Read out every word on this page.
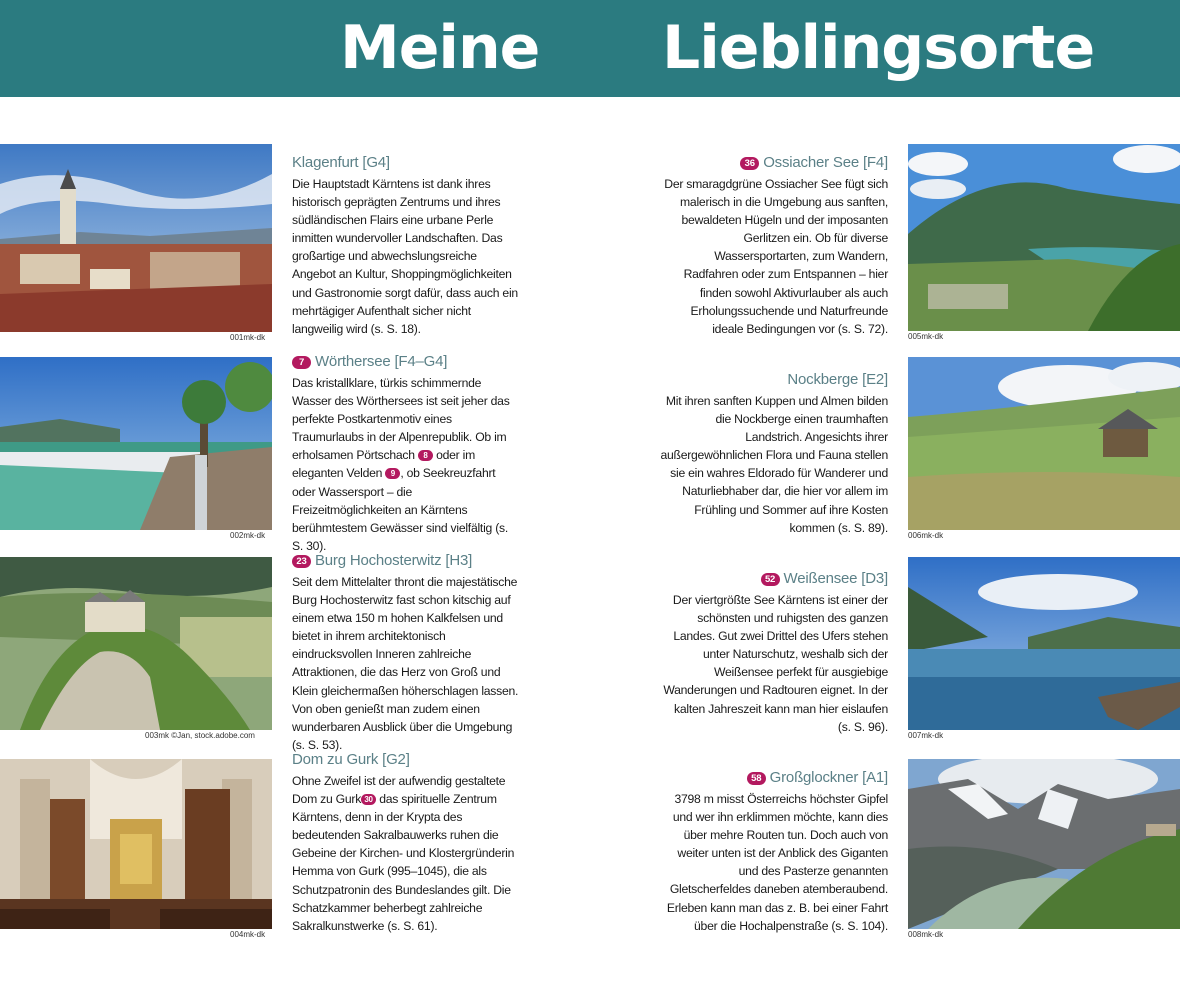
Meine Lieblingsorte
001mk-dk
Klagenfurt [G4]

Die Hauptstadt Kärntens ist dank ihres historisch geprägten Zentrums und ihres südländischen Flairs eine urbane Perle inmitten wundervoller Landschaften. Das großartige und abwechslungsreiche Angebot an Kultur, Shoppingmöglichkeiten und Gastronomie sorgt dafür, dass auch ein mehrtägiger Aufenthalt sicher nicht langweilig wird (s. S. 18).

002mk-dk
7 Wörthersee [F4–G4]

Das kristallklare, türkis schimmernde Wasser des Wörthersees ist seit jeher das perfekte Postkartenmotiv eines Traumurlaubs in der Alpenrepublik. Ob im erholsamen Pörtschach 8 oder im eleganten Velden 9 , ob Seekreuzfahrt oder Wassersport – die Freizeitmöglichkeiten an Kärntens berühmtestem Gewässer sind vielfältig (s. S. 30).

003mk ©Jan, stock.adobe.com
23 Burg Hochosterwitz [H3]

Seit dem Mittelalter thront die majestätische Burg Hochosterwitz fast schon kitschig auf einem etwa 150 m hohen Kalkfelsen und bietet in ihrem architektonisch eindrucksvollen Inneren zahlreiche Attraktionen, die das Herz von Groß und Klein gleichermaßen höherschlagen lassen. Von oben genießt man zudem einen wunderbaren Ausblick über die Umgebung (s. S. 53).

004mk-dk
Dom zu Gurk [G2]

Ohne Zweifel ist der aufwendig gestaltete Dom zu Gurk 30 das spirituelle Zentrum Kärntens, denn in der Krypta des bedeutenden Sakralbauwerks ruhen die Gebeine der Kirchen- und Klostergründerin Hemma von Gurk (995–1045), die als Schutzpatronin des Bundeslandes gilt. Die Schatzkammer beherbegt zahlreiche Sakralkunstwerke (s. S. 61).

005mk-dk
36 Ossiacher See [F4]

Der smaragdgrüne Ossiacher See fügt sich malerisch in die Umgebung aus sanften, bewaldeten Hügeln und der imposanten Gerlitzen ein. Ob für diverse Wassersportarten, zum Wandern, Radfahren oder zum Entspannen – hier finden sowohl Aktivurlauber als auch Erholungssuchende und Naturfreunde ideale Bedingungen vor (s. S. 72).

006mk-dk
Nockberge [E2]

Mit ihren sanften Kuppen und Almen bilden die Nockberge einen traumhaften Landstrich. Angesichts ihrer außergewöhnlichen Flora und Fauna stellen sie ein wahres Eldorado für Wanderer und Naturliebhaber dar, die hier vor allem im Frühling und Sommer auf ihre Kosten kommen (s. S. 89).

007mk-dk
52 Weißensee [D3]

Der viertgrößte See Kärntens ist einer der schönsten und ruhigsten des ganzen Landes. Gut zwei Drittel des Ufers stehen unter Naturschutz, weshalb sich der Weißensee perfekt für ausgiebige Wanderungen und Radtouren eignet. In der kalten Jahreszeit kann man hier eislaufen (s. S. 96).

008mk-dk
58 Großglockner [A1]

3798 m misst Österreichs höchster Gipfel und wer ihn erklimmen möchte, kann dies über mehre Routen tun. Doch auch von weiter unten ist der Anblick des Giganten und des Pasterze genannten Gletscherfeldes daneben atemberaubend. Erleben kann man das z. B. bei einer Fahrt über die Hochalpenstraße (s. S. 104).
